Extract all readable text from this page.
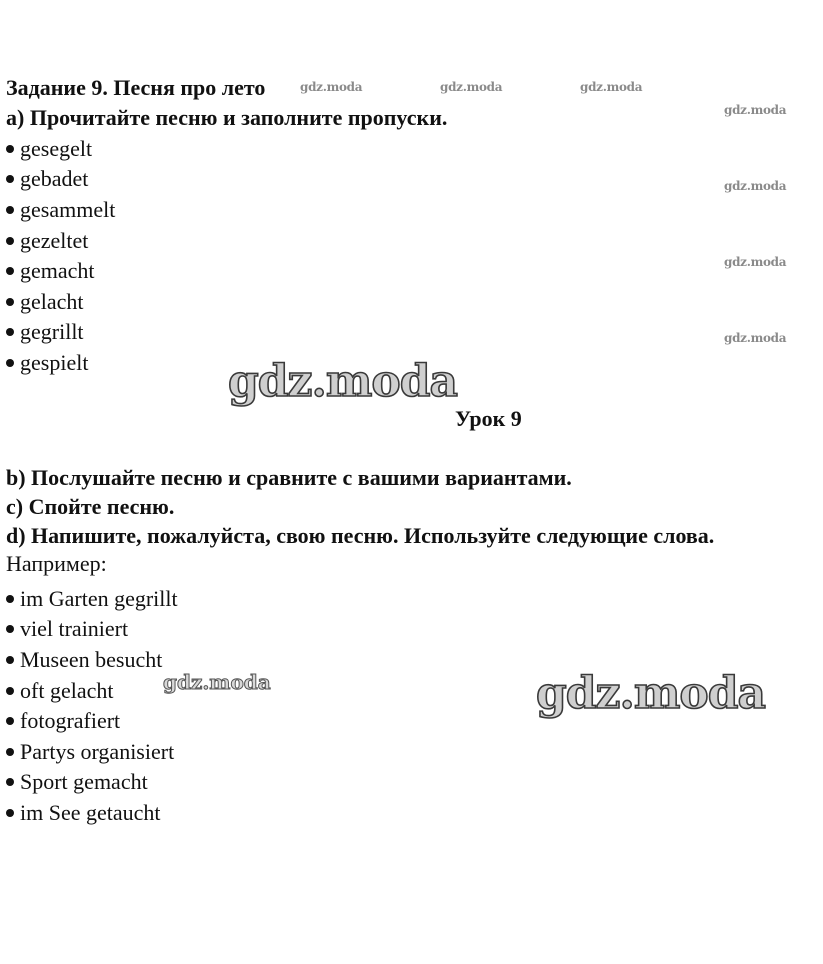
Задание 9. Песня про лето
a) Прочитайте песню и заполните пропуски.
gesegelt
gebadet
gesammelt
gezeltet
gemacht
gelacht
gegrillt
gespielt
Урок 9
b) Послушайте песню и сравните с вашими вариантами.
c) Спойте песню.
d) Напишите, пожалуйста, свою песню. Используйте следующие слова.
Например:
im Garten gegrillt
viel trainiert
Museen besucht
oft gelacht
fotografiert
Partys organisiert
Sport gemacht
im See getaucht
gdz.moda	gdz.moda	gdz.moda
gdz.moda
gdz.moda
gdz.moda
gdz.moda
gdz.moda
gdz.moda	gdz.moda
